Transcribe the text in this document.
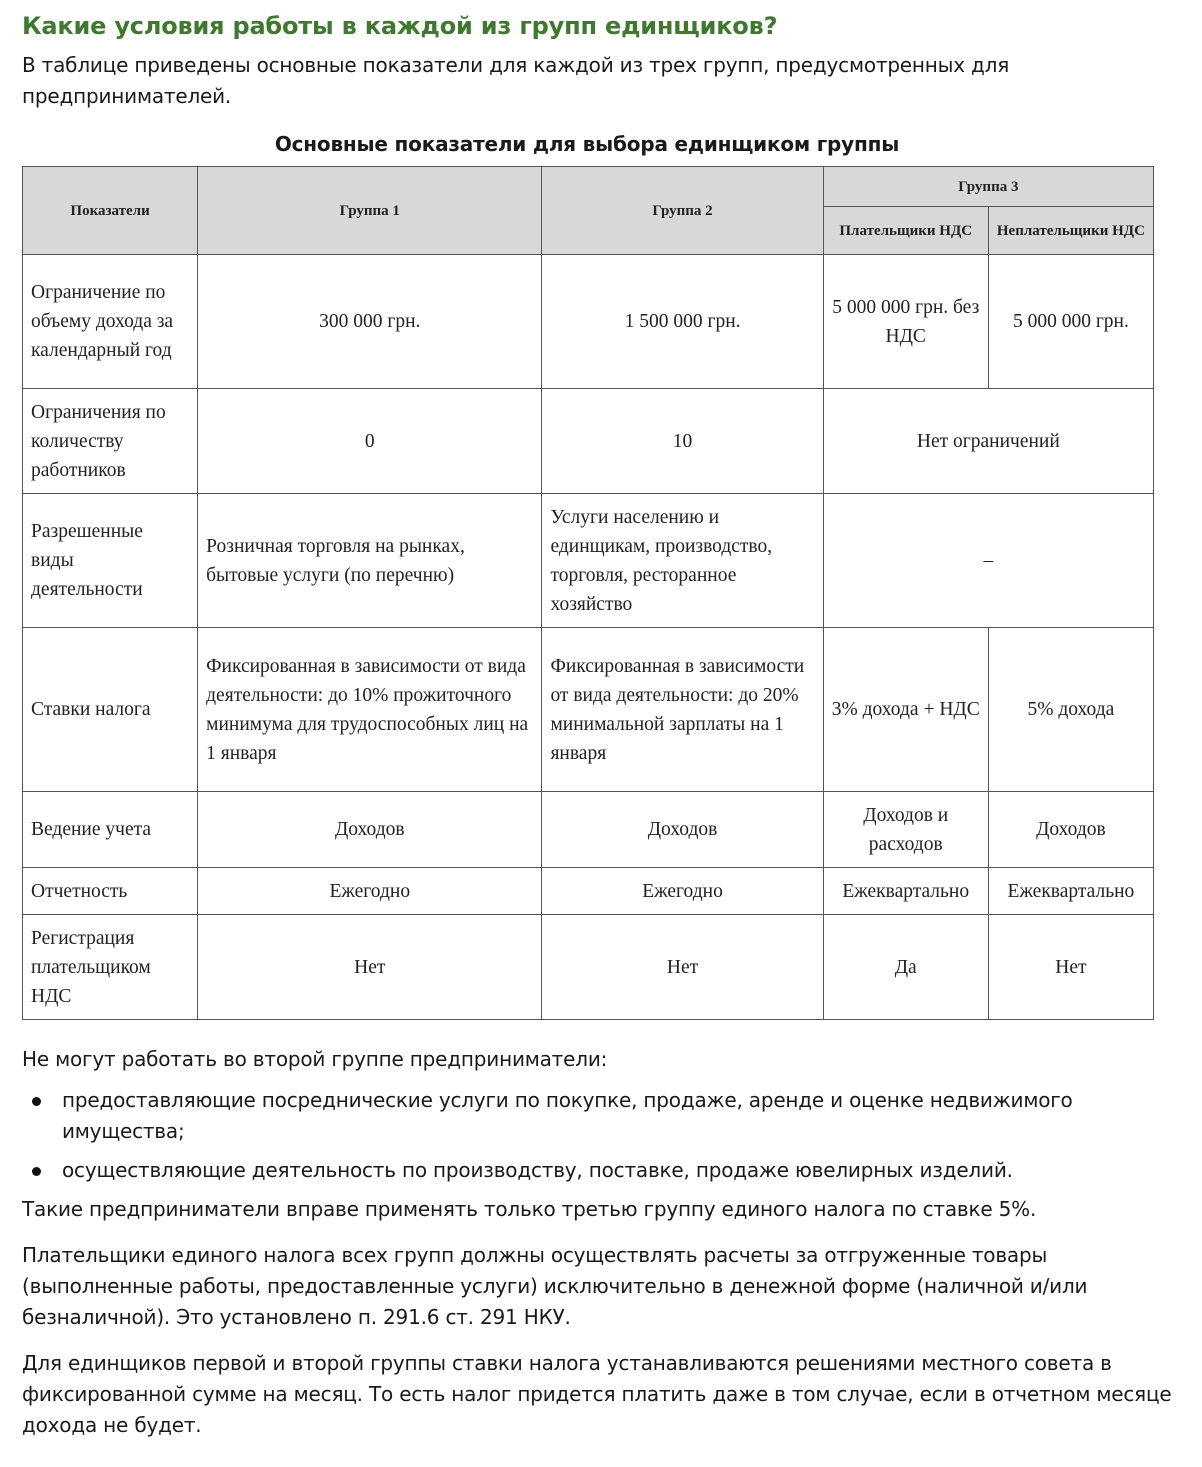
Какие условия работы в каждой из групп единщиков?

В таблице приведены основные показатели для каждой из трех групп, предусмотренных для предпринимателей.

Основные показатели для выбора единщиком группы
Показатели	Группа 1	Группа 2	Группа 3	
			Плательщики НДС	Неплательщики НДС
Ограничение по объему дохода за календарный год	300 000 грн.	1 500 000 грн.	5 000 000 грн. без НДС	5 000 000 грн.
Ограничения по количеству работников	0	10	Нет ограничений	
Разрешенные виды деятельности	Розничная торговля на рынках, бытовые услуги (по перечню)	Услуги населению и единщикам, производство, торговля, ресторанное хозяйство	–	
Ставки налога	Фиксированная в зависимости от вида деятельности: до 10% прожиточного минимума для трудоспособных лиц на 1 января	Фиксированная в зависимости от вида деятельности: до 20% минимальной зарплаты на 1 января	3% дохода + НДС	5% дохода
Ведение учета	Доходов	Доходов	Доходов и расходов	Доходов
Отчетность	Ежегодно	Ежегодно	Ежеквартально	Ежеквартально
Регистрация плательщиком НДС	Нет	Нет	Да	Нет

Не могут работать во второй группе предприниматели:

предоставляющие посреднические услуги по покупке, продаже, аренде и оценке недвижимого имущества;
осуществляющие деятельность по производству, поставке, продаже ювелирных изделий.

Такие предприниматели вправе применять только третью группу единого налога по ставке 5%.

Плательщики единого налога всех групп должны осуществлять расчеты за отгруженные товары (выполненные работы, предоставленные услуги) исключительно в денежной форме (наличной и/или безналичной). Это установлено п. 291.6 ст. 291 НКУ.

Для единщиков первой и второй группы ставки налога устанавливаются решениями местного совета в фиксированной сумме на месяц. То есть налог придется платить даже в том случае, если в отчетном месяце дохода не будет.
